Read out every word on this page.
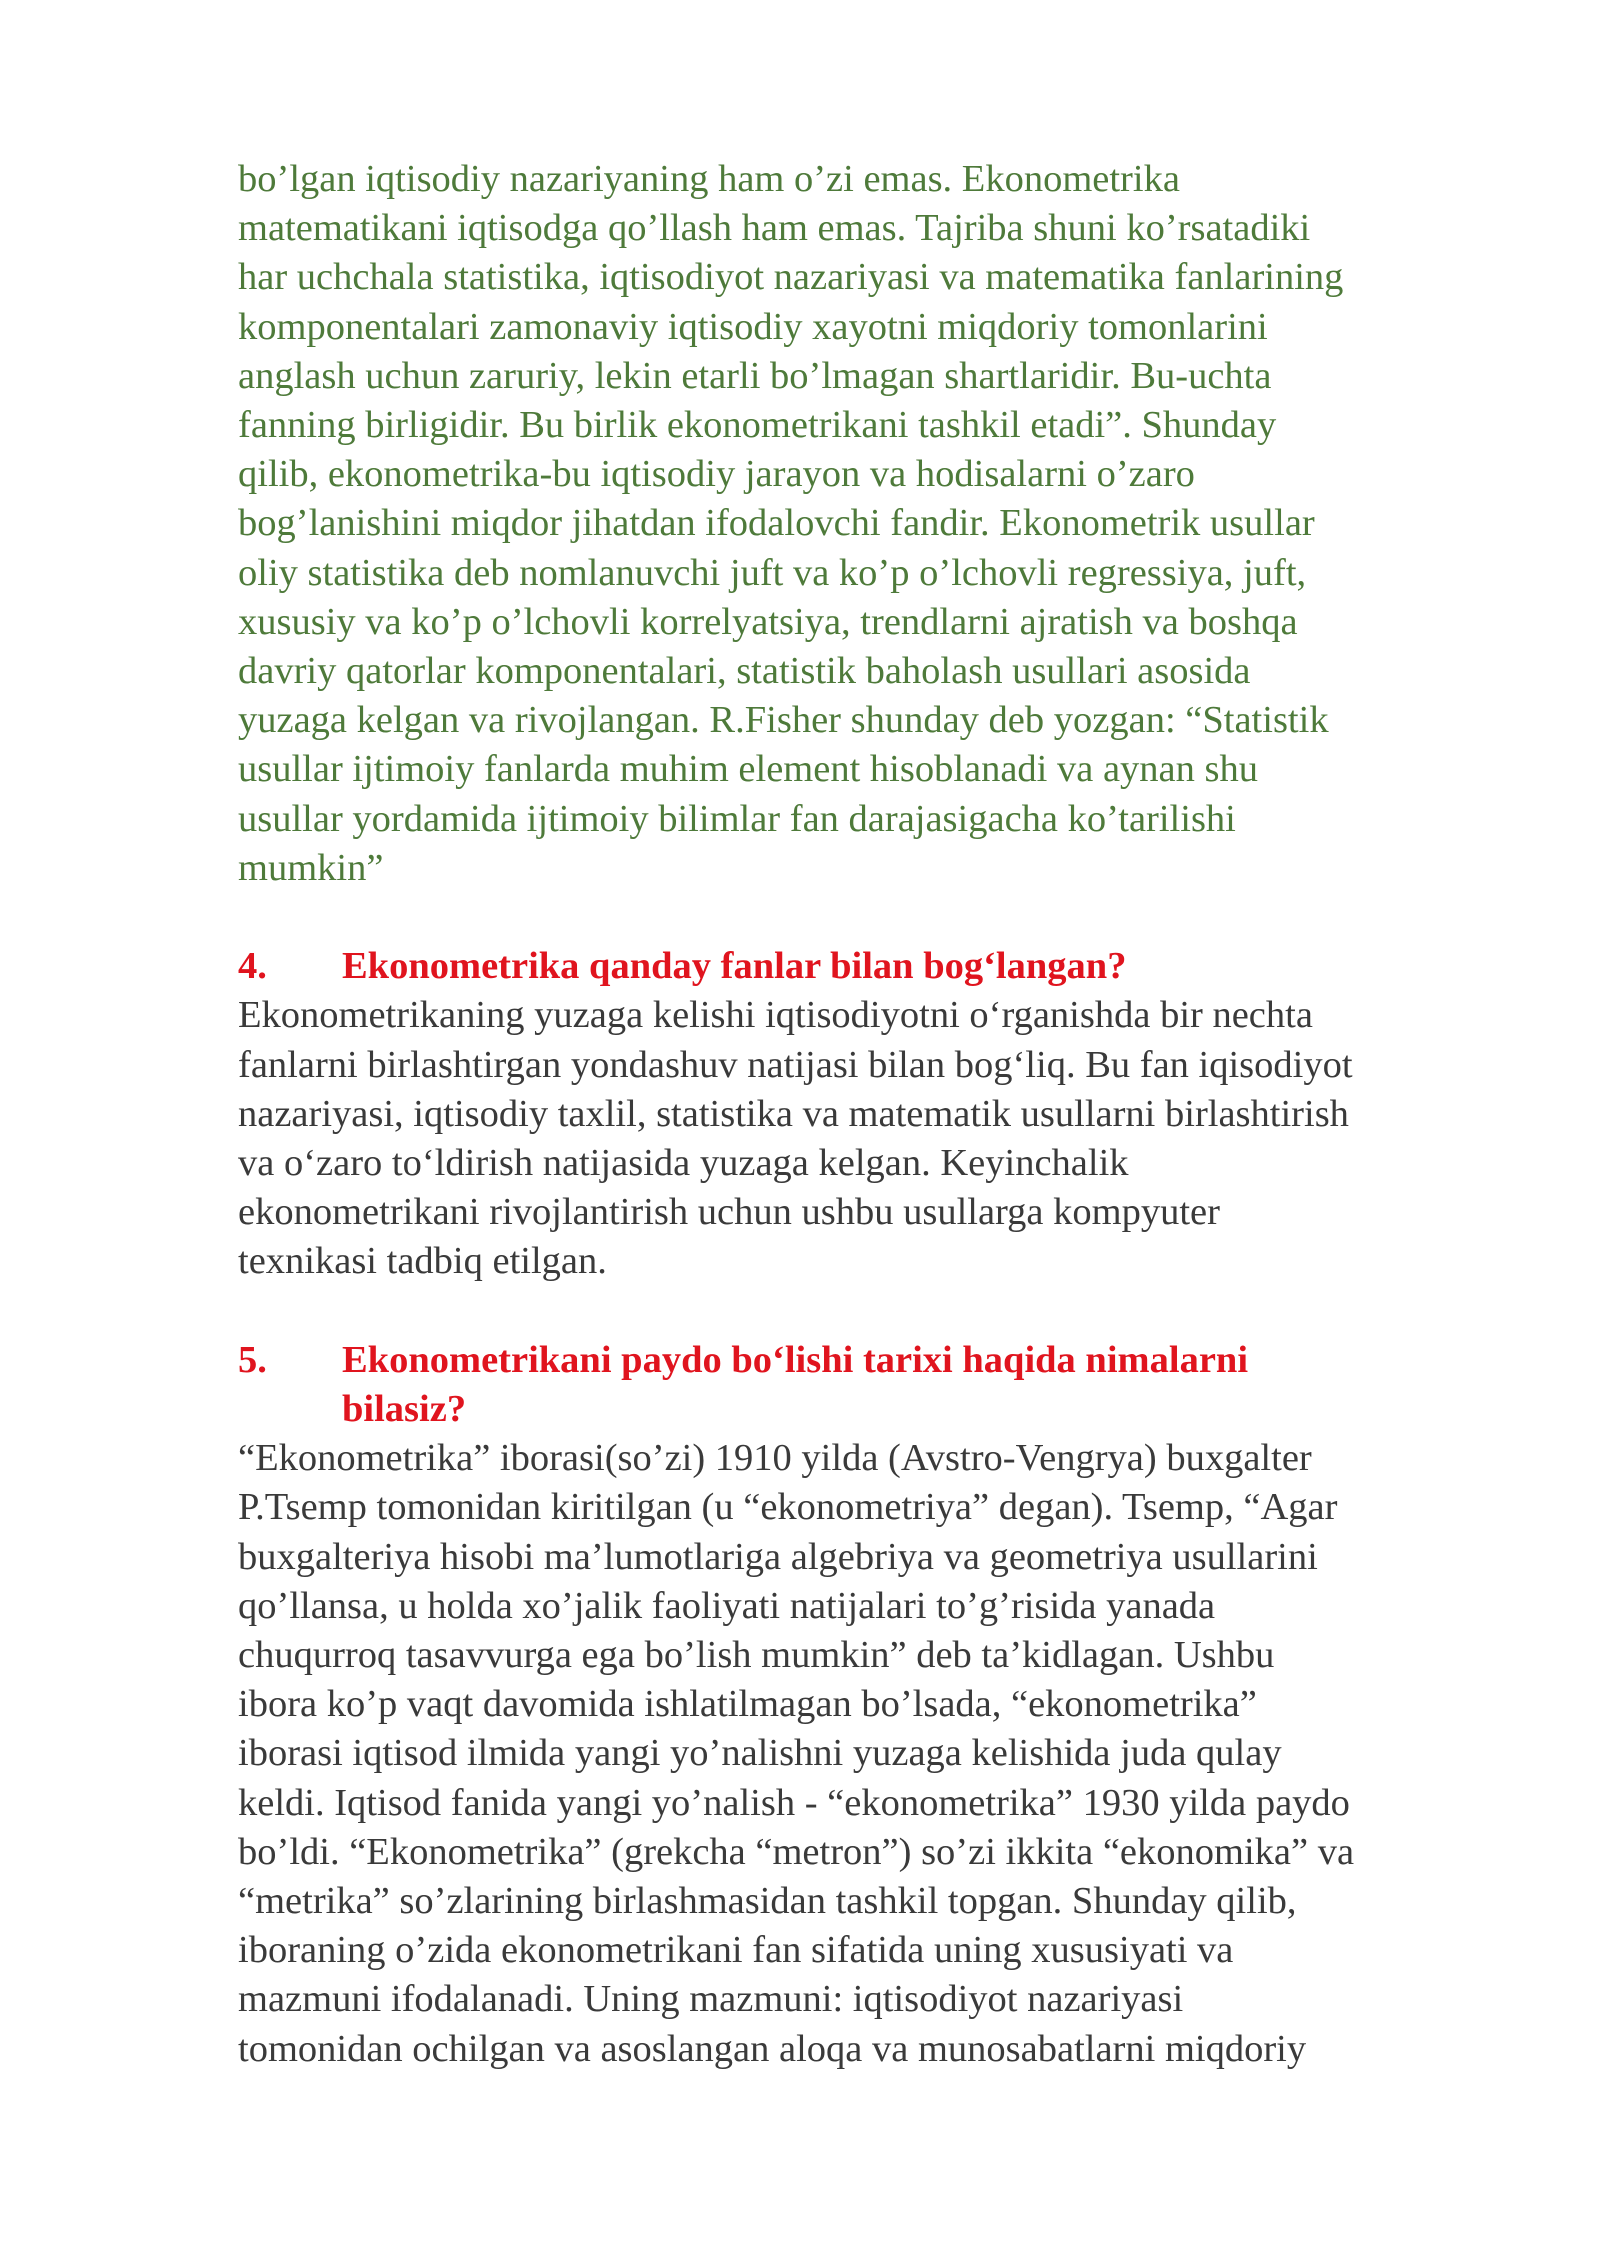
bo’lgan iqtisodiy nazariyaning ham o’zi emas. Ekonometrika
matematikani iqtisodga qo’llash ham emas. Tajriba shuni ko’rsatadiki
har uchchala statistika, iqtisodiyot nazariyasi va matematika fanlarining
komponentalari zamonaviy iqtisodiy xayotni miqdoriy tomonlarini
anglash uchun zaruriy, lekin etarli bo’lmagan shartlaridir. Bu-uchta
fanning birligidir. Bu birlik ekonometrikani tashkil etadi”. Shunday
qilib, ekonometrika-bu iqtisodiy jarayon va hodisalarni o’zaro
bog’lanishini miqdor jihatdan ifodalovchi fandir. Ekonometrik usullar
oliy statistika deb nomlanuvchi juft va ko’p o’lchovli regressiya, juft,
xususiy va ko’p o’lchovli korrelyatsiya, trendlarni ajratish va boshqa
davriy qatorlar komponentalari, statistik baholash usullari asosida
yuzaga kelgan va rivojlangan. R.Fisher shunday deb yozgan: “Statistik
usullar ijtimoiy fanlarda muhim element hisoblanadi va aynan shu
usullar yordamida ijtimoiy bilimlar fan darajasigacha ko’tarilishi
mumkin”

4.	Ekonometrika qanday fanlar bilan bog‘langan?

Ekonometrikaning yuzaga kelishi iqtisodiyotni o‘rganishda bir nechta
fanlarni birlashtirgan yondashuv natijasi bilan bog‘liq. Bu fan iqisodiyot
nazariyasi, iqtisodiy taxlil, statistika va matematik usullarni birlashtirish
va o‘zaro to‘ldirish natijasida yuzaga kelgan. Keyinchalik
ekonometrikani rivojlantirish uchun ushbu usullarga kompyuter
texnikasi tadbiq etilgan.

5.	Ekonometrikani paydo bo‘lishi tarixi haqida nimalarni
bilasiz?

“Ekonometrika” iborasi(so’zi) 1910 yilda (Avstro-Vengrya) buxgalter
P.Tsemp tomonidan kiritilgan (u “ekonometriya” degan). Tsemp, “Agar
buxgalteriya hisobi ma’lumotlariga algebriya va geometriya usullarini
qo’llansa, u holda xo’jalik faoliyati natijalari to’g’risida yanada
chuqurroq tasavvurga ega bo’lish mumkin” deb ta’kidlagan. Ushbu
ibora ko’p vaqt davomida ishlatilmagan bo’lsada, “ekonometrika”
iborasi iqtisod ilmida yangi yo’nalishni yuzaga kelishida juda qulay
keldi. Iqtisod fanida yangi yo’nalish - “ekonometrika” 1930 yilda paydo
bo’ldi. “Ekonometrika” (grekcha “metron”) so’zi ikkita “ekonomika” va
“metrika” so’zlarining birlashmasidan tashkil topgan. Shunday qilib,
iboraning o’zida ekonometrikani fan sifatida uning xususiyati va
mazmuni ifodalanadi. Uning mazmuni: iqtisodiyot nazariyasi
tomonidan ochilgan va asoslangan aloqa va munosabatlarni miqdoriy
